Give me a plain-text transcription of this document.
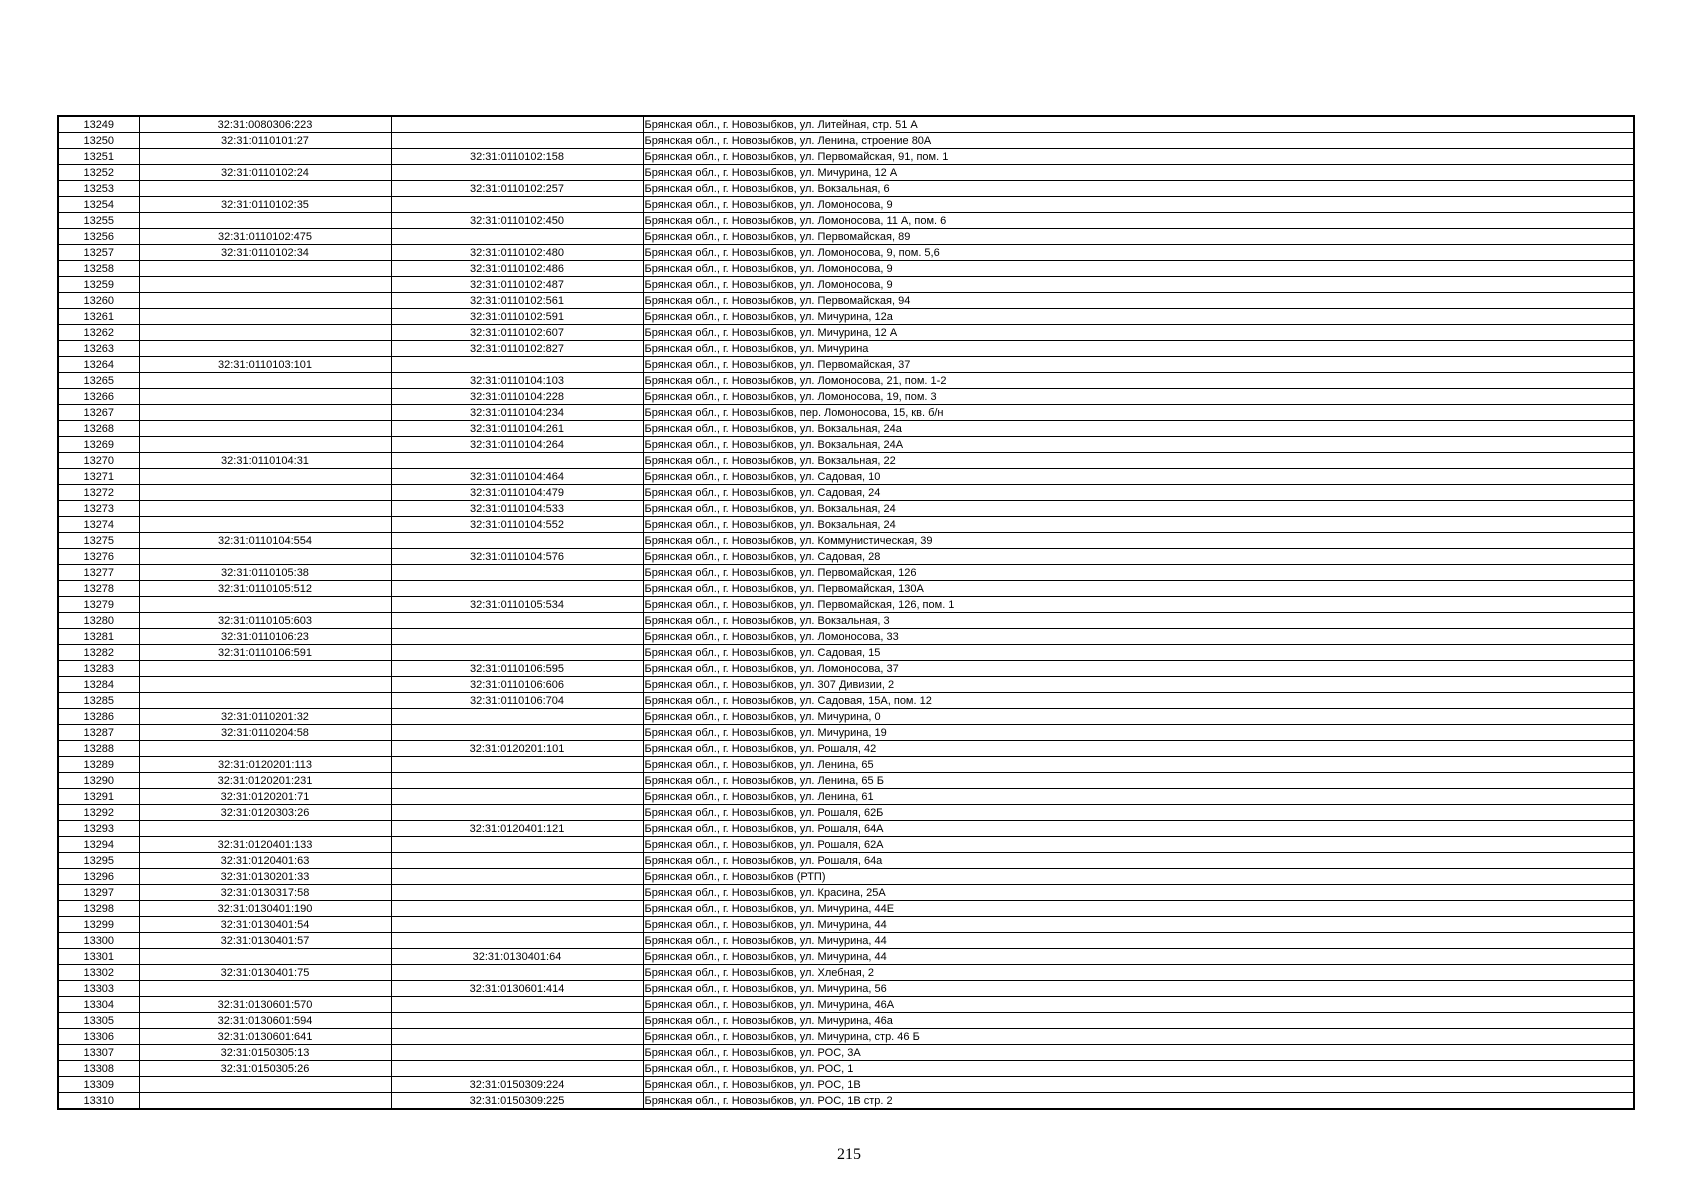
13249	32:31:0080306:223		Брянская обл., г. Новозыбков, ул. Литейная, стр. 51 А
13250	32:31:0110101:27		Брянская обл., г. Новозыбков, ул. Ленина, строение 80А
13251		32:31:0110102:158	Брянская обл., г. Новозыбков, ул. Первомайская, 91, пом. 1
13252	32:31:0110102:24		Брянская обл., г. Новозыбков, ул. Мичурина, 12 А
13253		32:31:0110102:257	Брянская обл., г. Новозыбков, ул. Вокзальная, 6
13254	32:31:0110102:35		Брянская обл., г. Новозыбков, ул. Ломоносова, 9
13255		32:31:0110102:450	Брянская обл., г. Новозыбков, ул. Ломоносова, 11 А, пом. 6
13256	32:31:0110102:475		Брянская обл., г. Новозыбков, ул. Первомайская, 89
13257	32:31:0110102:34	32:31:0110102:480	Брянская обл., г. Новозыбков, ул. Ломоносова, 9, пом. 5,6
13258		32:31:0110102:486	Брянская обл., г. Новозыбков, ул. Ломоносова, 9
13259		32:31:0110102:487	Брянская обл., г. Новозыбков, ул. Ломоносова, 9
13260		32:31:0110102:561	Брянская обл., г. Новозыбков, ул. Первомайская, 94
13261		32:31:0110102:591	Брянская обл., г. Новозыбков, ул. Мичурина, 12а
13262		32:31:0110102:607	Брянская обл., г. Новозыбков, ул. Мичурина, 12 А
13263		32:31:0110102:827	Брянская обл., г. Новозыбков, ул. Мичурина
13264	32:31:0110103:101		Брянская обл., г. Новозыбков, ул. Первомайская, 37
13265		32:31:0110104:103	Брянская обл., г. Новозыбков, ул. Ломоносова, 21, пом. 1-2
13266		32:31:0110104:228	Брянская обл., г. Новозыбков, ул. Ломоносова, 19, пом. 3
13267		32:31:0110104:234	Брянская обл., г. Новозыбков, пер. Ломоносова, 15, кв. б/н
13268		32:31:0110104:261	Брянская обл., г. Новозыбков, ул. Вокзальная, 24а
13269		32:31:0110104:264	Брянская обл., г. Новозыбков, ул. Вокзальная, 24А
13270	32:31:0110104:31		Брянская обл., г. Новозыбков, ул. Вокзальная, 22
13271		32:31:0110104:464	Брянская обл., г. Новозыбков, ул. Садовая, 10
13272		32:31:0110104:479	Брянская обл., г. Новозыбков, ул. Садовая, 24
13273		32:31:0110104:533	Брянская обл., г. Новозыбков, ул. Вокзальная, 24
13274		32:31:0110104:552	Брянская обл., г. Новозыбков, ул. Вокзальная, 24
13275	32:31:0110104:554		Брянская обл., г. Новозыбков, ул. Коммунистическая, 39
13276		32:31:0110104:576	Брянская обл., г. Новозыбков, ул. Садовая, 28
13277	32:31:0110105:38		Брянская обл., г. Новозыбков, ул. Первомайская, 126
13278	32:31:0110105:512		Брянская обл., г. Новозыбков, ул. Первомайская, 130А
13279		32:31:0110105:534	Брянская обл., г. Новозыбков, ул. Первомайская, 126, пом. 1
13280	32:31:0110105:603		Брянская обл., г. Новозыбков, ул. Вокзальная, 3
13281	32:31:0110106:23		Брянская обл., г. Новозыбков, ул. Ломоносова, 33
13282	32:31:0110106:591		Брянская обл., г. Новозыбков, ул. Садовая, 15
13283		32:31:0110106:595	Брянская обл., г. Новозыбков, ул. Ломоносова, 37
13284		32:31:0110106:606	Брянская обл., г. Новозыбков, ул. 307 Дивизии, 2
13285		32:31:0110106:704	Брянская обл., г. Новозыбков, ул. Садовая, 15А, пом. 12
13286	32:31:0110201:32		Брянская обл., г. Новозыбков, ул. Мичурина, 0
13287	32:31:0110204:58		Брянская обл., г. Новозыбков, ул. Мичурина, 19
13288		32:31:0120201:101	Брянская обл., г. Новозыбков, ул. Рошаля, 42
13289	32:31:0120201:113		Брянская обл., г. Новозыбков, ул. Ленина, 65
13290	32:31:0120201:231		Брянская обл., г. Новозыбков, ул. Ленина, 65 Б
13291	32:31:0120201:71		Брянская обл., г. Новозыбков, ул. Ленина, 61
13292	32:31:0120303:26		Брянская обл., г. Новозыбков, ул. Рошаля, 62Б
13293		32:31:0120401:121	Брянская обл., г. Новозыбков, ул. Рошаля, 64А
13294	32:31:0120401:133		Брянская обл., г. Новозыбков, ул. Рошаля, 62А
13295	32:31:0120401:63		Брянская обл., г. Новозыбков, ул. Рошаля, 64а
13296	32:31:0130201:33		Брянская обл., г. Новозыбков (РТП)
13297	32:31:0130317:58		Брянская обл., г. Новозыбков, ул. Красина, 25А
13298	32:31:0130401:190		Брянская обл., г. Новозыбков, ул. Мичурина, 44Е
13299	32:31:0130401:54		Брянская обл., г. Новозыбков, ул. Мичурина, 44
13300	32:31:0130401:57		Брянская обл., г. Новозыбков, ул. Мичурина, 44
13301		32:31:0130401:64	Брянская обл., г. Новозыбков, ул. Мичурина, 44
13302	32:31:0130401:75		Брянская обл., г. Новозыбков, ул. Хлебная, 2
13303		32:31:0130601:414	Брянская обл., г. Новозыбков, ул. Мичурина, 56
13304	32:31:0130601:570		Брянская обл., г. Новозыбков, ул. Мичурина, 46А
13305	32:31:0130601:594		Брянская обл., г. Новозыбков, ул. Мичурина, 46а
13306	32:31:0130601:641		Брянская обл., г. Новозыбков, ул. Мичурина, стр. 46 Б
13307	32:31:0150305:13		Брянская обл., г. Новозыбков, ул. РОС, 3А
13308	32:31:0150305:26		Брянская обл., г. Новозыбков, ул. РОС, 1
13309		32:31:0150309:224	Брянская обл., г. Новозыбков, ул. РОС, 1В
13310		32:31:0150309:225	Брянская обл., г. Новозыбков, ул. РОС, 1В стр. 2
215
